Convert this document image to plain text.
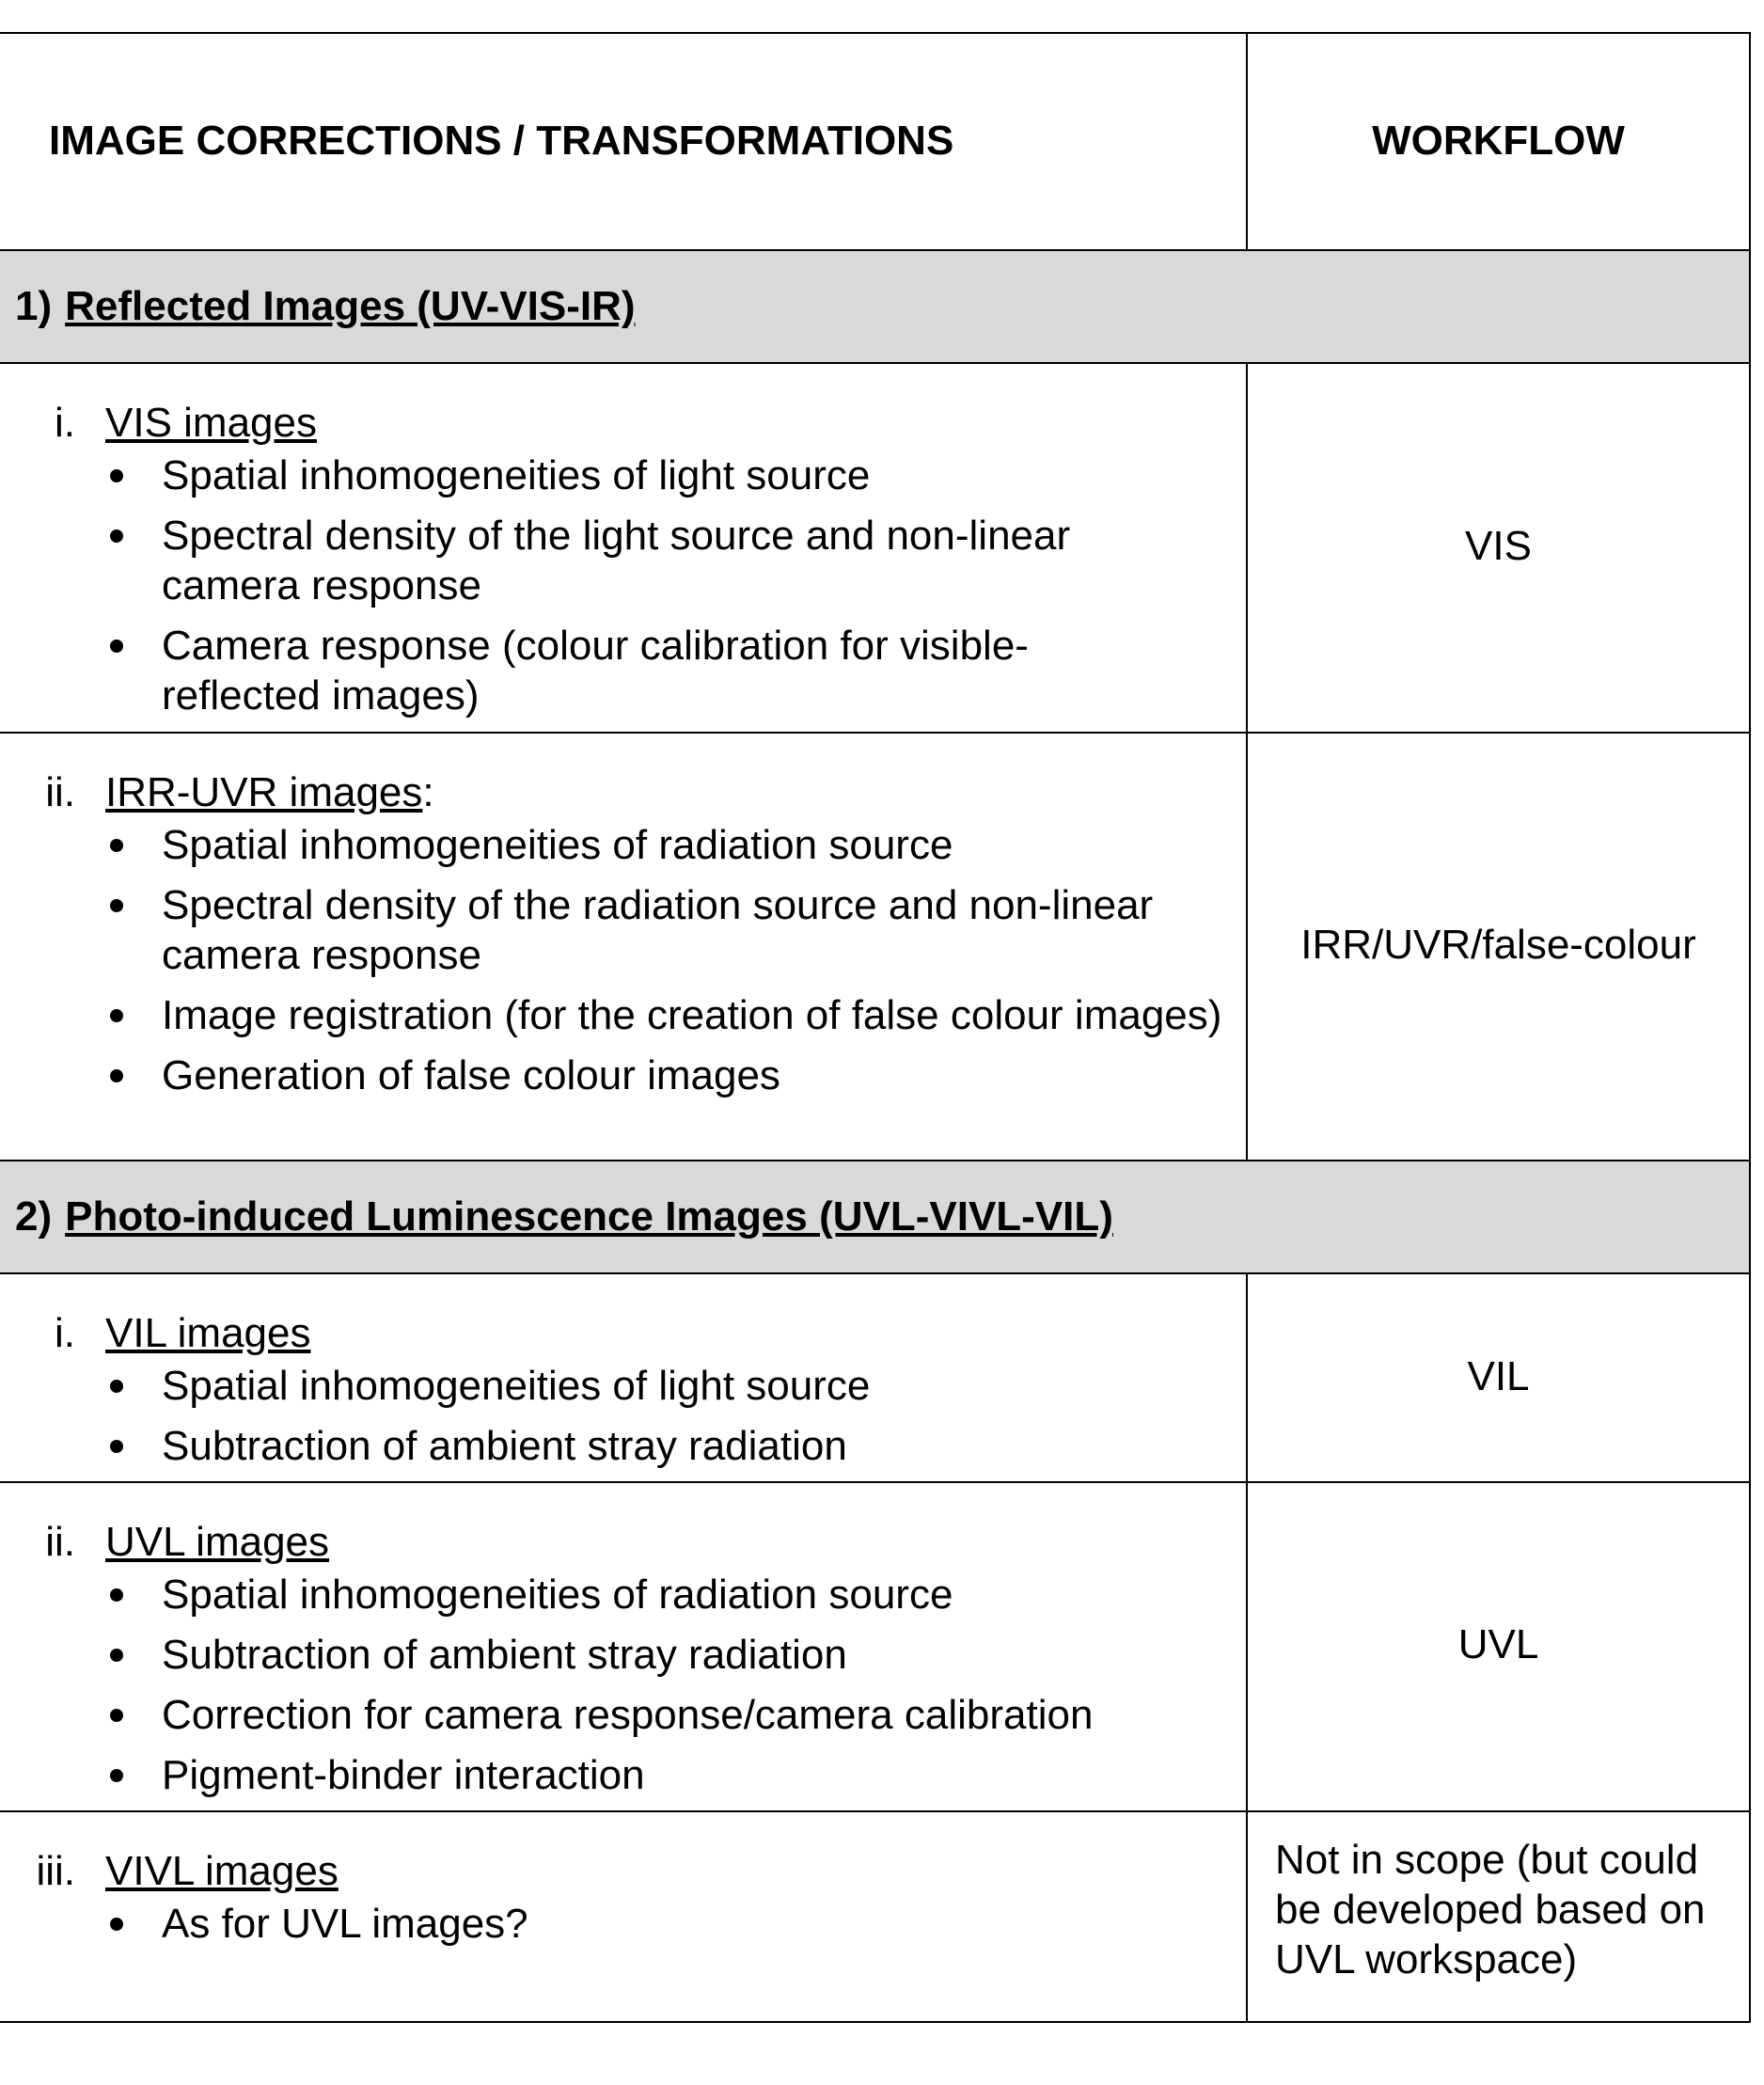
IMAGE CORRECTIONS / TRANSFORMATIONS	WORKFLOW
1) Reflected Images (UV-VIS-IR)
i. VIS images
Spatial inhomogeneities of light source
Spectral density of the light source and non-linear camera response
Camera response (colour calibration for visible-reflected images)
VIS
ii. IRR-UVR images:
Spatial inhomogeneities of radiation source
Spectral density of the radiation source and non-linear camera response
Image registration (for the creation of false colour images)
Generation of false colour images
IRR/UVR/false-colour
2) Photo-induced Luminescence Images (UVL-VIVL-VIL)
i. VIL images
Spatial inhomogeneities of light source
Subtraction of ambient stray radiation
VIL
ii. UVL images
Spatial inhomogeneities of radiation source
Subtraction of ambient stray radiation
Correction for camera response/camera calibration
Pigment-binder interaction
UVL
iii. VIVL images
As for UVL images?
Not in scope (but could be developed based on UVL workspace)
